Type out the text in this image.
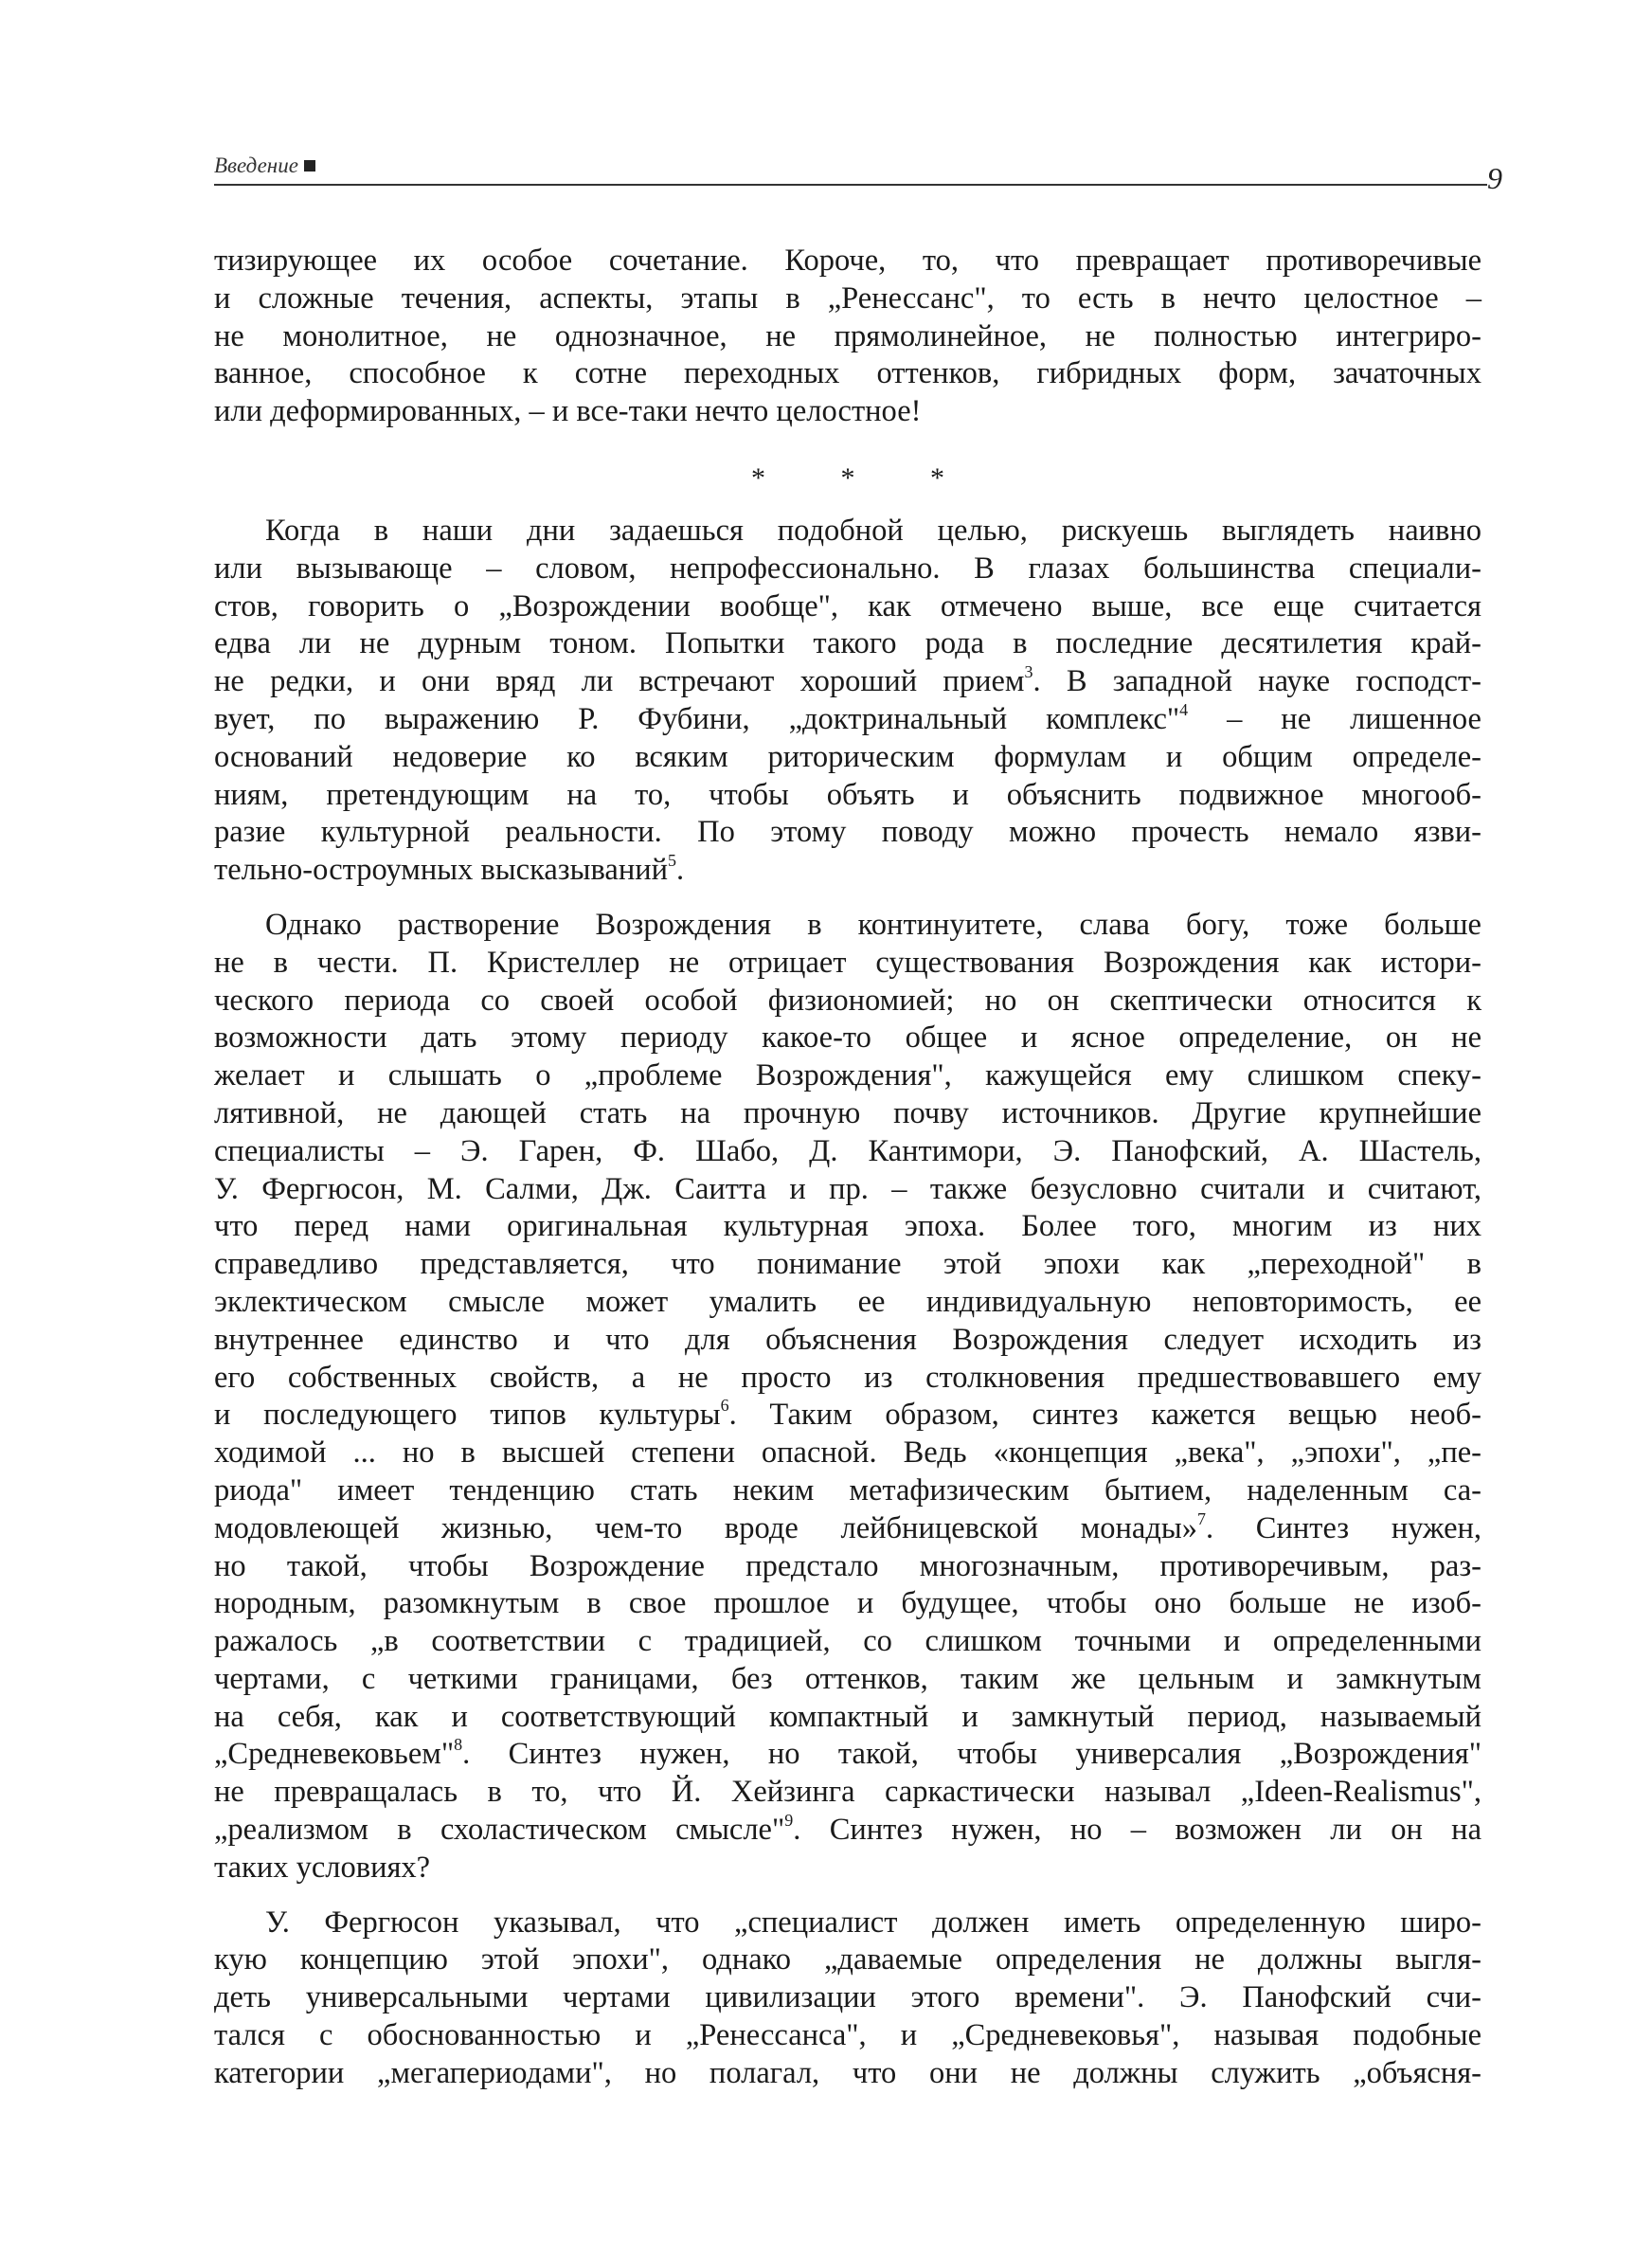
Введение	9
тизирующее их особое сочетание. Короче, то, что превращает противоречивые
и сложные течения, аспекты, этапы в „Ренессанс", то есть в нечто целостное –
не монолитное, не однозначное, не прямолинейное, не полностью интегриро-
ванное, способное к сотне переходных оттенков, гибридных форм, зачаточных
или деформированных, – и все-таки нечто целостное!
* * *
Когда в наши дни задаешься подобной целью, рискуешь выглядеть наивно
или вызывающе – словом, непрофессионально. В глазах большинства специали-
стов, говорить о „Возрождении вообще", как отмечено выше, все еще считается
едва ли не дурным тоном. Попытки такого рода в последние десятилетия край-
не редки, и они вряд ли встречают хороший прием$^3$. В западной науке господст-
вует, по выражению Р. Фубини, „доктринальный комплекс"$^4$ – не лишенное
оснований недоверие ко всяким риторическим формулам и общим определе-
ниям, претендующим на то, чтобы объять и объяснить подвижное многооб-
разие культурной реальности. По этому поводу можно прочесть немало язви-
тельно-остроумных высказываний$^5$.
Однако растворение Возрождения в континуитете, слава богу, тоже больше
не в чести. П. Кристеллер не отрицает существования Возрождения как истори-
ческого периода со своей особой физиономией; но он скептически относится к
возможности дать этому периоду какое-то общее и ясное определение, он не
желает и слышать о „проблеме Возрождения", кажущейся ему слишком спеку-
лятивной, не дающей стать на прочную почву источников. Другие крупнейшие
специалисты – Э. Гарен, Ф. Шабо, Д. Кантимори, Э. Панофский, А. Шастель,
У. Фергюсон, М. Салми, Дж. Саитта и пр. – также безусловно считали и считают,
что перед нами оригинальная культурная эпоха. Более того, многим из них
справедливо представляется, что понимание этой эпохи как „переходной" в
эклектическом смысле может умалить ее индивидуальную неповторимость, ее
внутреннее единство и что для объяснения Возрождения следует исходить из
его собственных свойств, а не просто из столкновения предшествовавшего ему
и последующего типов культуры$^6$. Таким образом, синтез кажется вещью необ-
ходимой ... но в высшей степени опасной. Ведь «концепция „века", „эпохи", „пе-
риода" имеет тенденцию стать неким метафизическим бытием, наделенным са-
модовлеющей жизнью, чем-то вроде лейбницевской монады»$^7$. Синтез нужен,
но такой, чтобы Возрождение предстало многозначным, противоречивым, раз-
нородным, разомкнутым в свое прошлое и будущее, чтобы оно больше не изоб-
ражалось „в соответствии с традицией, со слишком точными и определенными
чертами, с четкими границами, без оттенков, таким же цельным и замкнутым
на себя, как и соответствующий компактный и замкнутый период, называемый
„Средневековьем"$^8$. Синтез нужен, но такой, чтобы универсалия „Возрождения"
не превращалась в то, что Й. Хейзинга саркастически называл „Ideen-Realismus",
„реализмом в схоластическом смысле"$^9$. Синтез нужен, но – возможен ли он на
таких условиях?
У. Фергюсон указывал, что „специалист должен иметь определенную широ-
кую концепцию этой эпохи", однако „даваемые определения не должны выгля-
деть универсальными чертами цивилизации этого времени". Э. Панофский счи-
тался с обоснованностью и „Ренессанса", и „Средневековья", называя подобные
категории „мегапериодами", но полагал, что они не должны служить „объясня-
